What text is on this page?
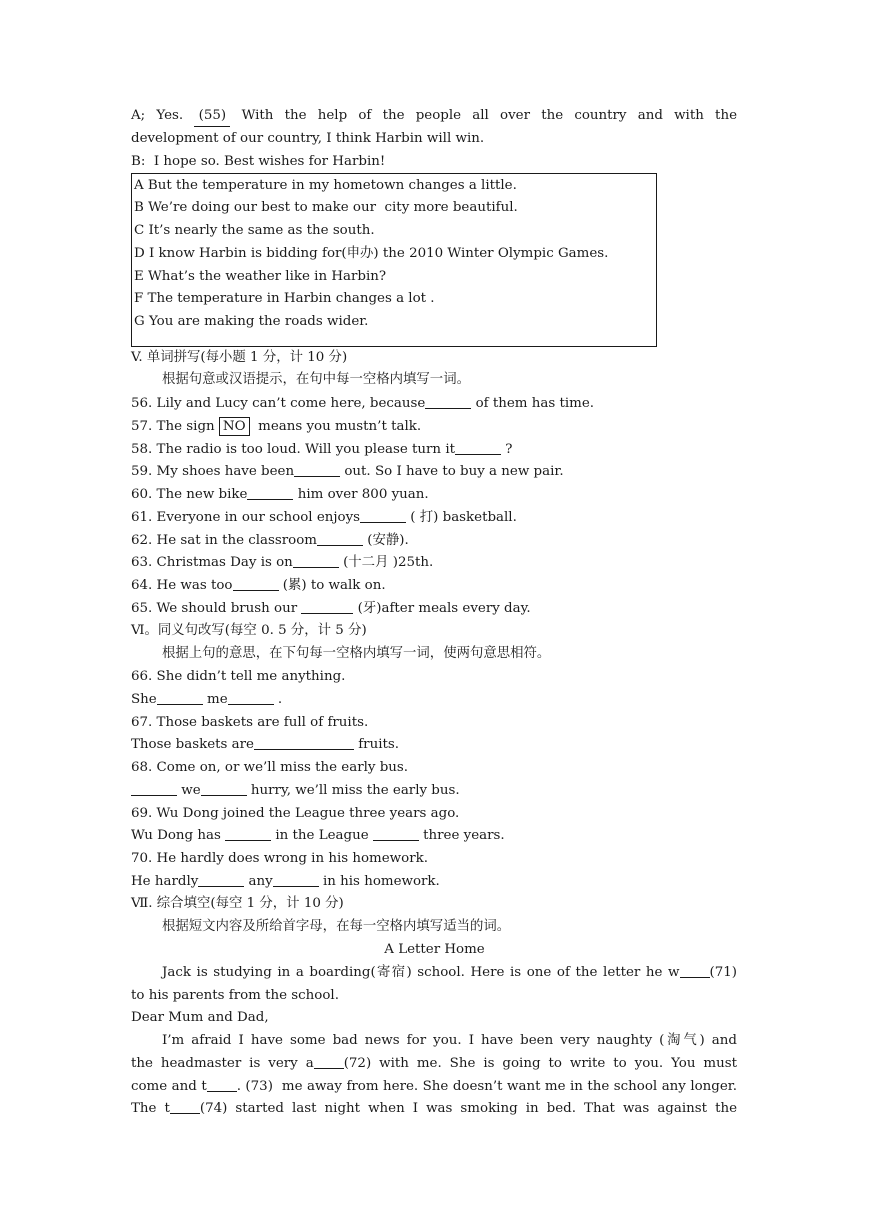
A; Yes.  (55)  With the help of the people all over the country and with the
development of our country, I think Harbin will win.
B:  I hope so. Best wishes for Harbin!
A But the temperature in my hometown changes a little.
B We’re doing our best to make our  city more beautiful.
C It’s nearly the same as the south.
D I know Harbin is bidding for(申办) the 2010 Winter Olympic Games.
E What’s the weather like in Harbin?
F The temperature in Harbin changes a lot .
G You are making the roads wider.
V. 单词拼写(每小题 1 分，计 10 分)
根据句意或汉语提示，在句中每一空格内填写一词。
56. Lily and Lucy can’t come here, because	of them has time.
57. The sign NO  means you mustn’t talk.
58. The radio is too loud. Will you please turn it	?
59. My shoes have been	out. So I have to buy a new pair.
60. The new bike	him over 800 yuan.
61. Everyone in our school enjoys	( 打) basketball.
62. He sat in the classroom	(安静).
63. Christmas Day is on	(十二月 )25th.
64. He was too	(累) to walk on.
65. We should brush our	(牙)after meals every day.
Ⅵ。同义句改写(每空 0. 5 分，计 5 分)
根据上句的意思，在下句每一空格内填写一词，使两句意思相符。
66. She didn’t tell me anything.
She	me	.
67. Those baskets are full of fruits.
Those baskets are	fruits.
68. Come on, or we’ll miss the early bus.
we	hurry, we’ll miss the early bus.
69. Wu Dong joined the League three years ago.
Wu Dong has	in the League	three years.
70. He hardly does wrong in his homework.
He hardly	any	in his homework.
Ⅶ. 综合填空(每空 1 分，计 10 分)
根据短文内容及所给首字母，在每一空格内填写适当的词。
A Letter Home
Jack is studying in a boarding(寄宿) school. Here is one of the letter he w (71)
to his parents from the school.
Dear Mum and Dad,
I’m afraid I have some bad news for you. I have been very naughty (淘气) and
the headmaster is very a (72) with me. She is going to write to you. You must
come and t . (73)  me away from here. She doesn’t want me in the school any longer.
The t (74) started last night when I was smoking in bed. That was against the
